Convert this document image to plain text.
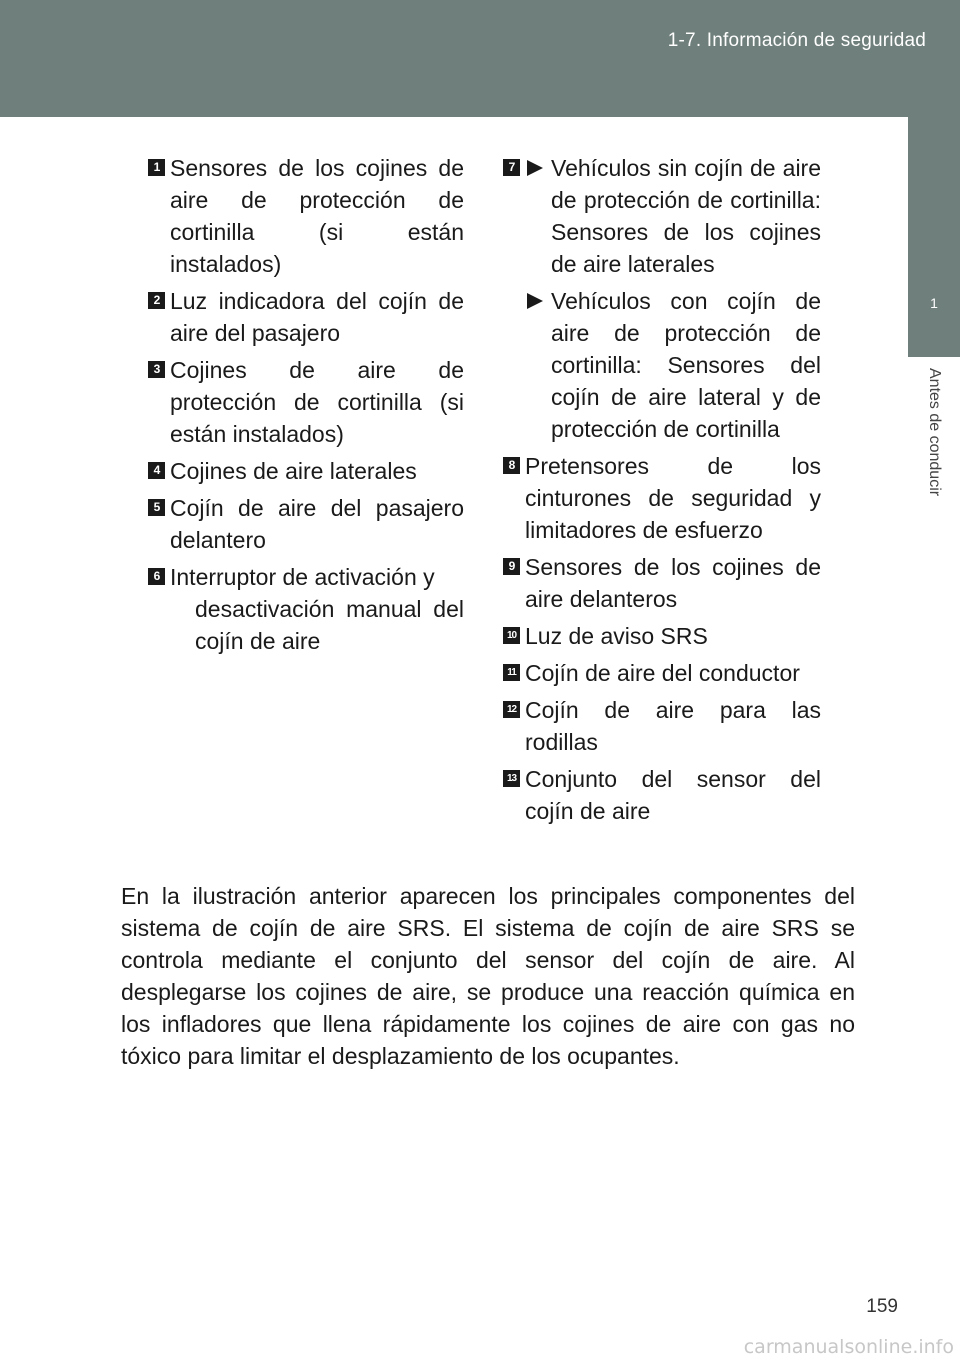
1-7. Información de seguridad
1
Antes de conducir
1 Sensores de los cojines de aire de protección de cortinilla (si están instalados)
2 Luz indicadora del cojín de aire del pasajero
3 Cojines de aire de protección de cortinilla (si están instalados)
4 Cojines de aire laterales
5 Cojín de aire del pasajero delantero
6 Interruptor de activación y
desactivación manual del cojín de aire
7	Vehículos sin cojín de aire de protección de cortinilla: Sensores de los cojines de aire laterales
Vehículos con cojín de aire de protección de cortinilla: Sensores del cojín de aire lateral y de protección de cortinilla
8 Pretensores de los cinturones de seguridad y limitadores de esfuerzo
9 Sensores de los cojines de aire delanteros
10 Luz de aviso SRS
11 Cojín de aire del conductor
12 Cojín de aire para las rodillas
13 Conjunto del sensor del cojín de aire

En la ilustración anterior aparecen los principales componentes del sistema de cojín de aire SRS. El sistema de cojín de aire SRS se controla mediante el conjunto del sensor del cojín de aire. Al desplegarse los cojines de aire, se produce una reacción química en los infladores que llena rápidamente los cojines de aire con gas no tóxico para limitar el desplazamiento de los ocupantes.

159
carmanualsonline.info
